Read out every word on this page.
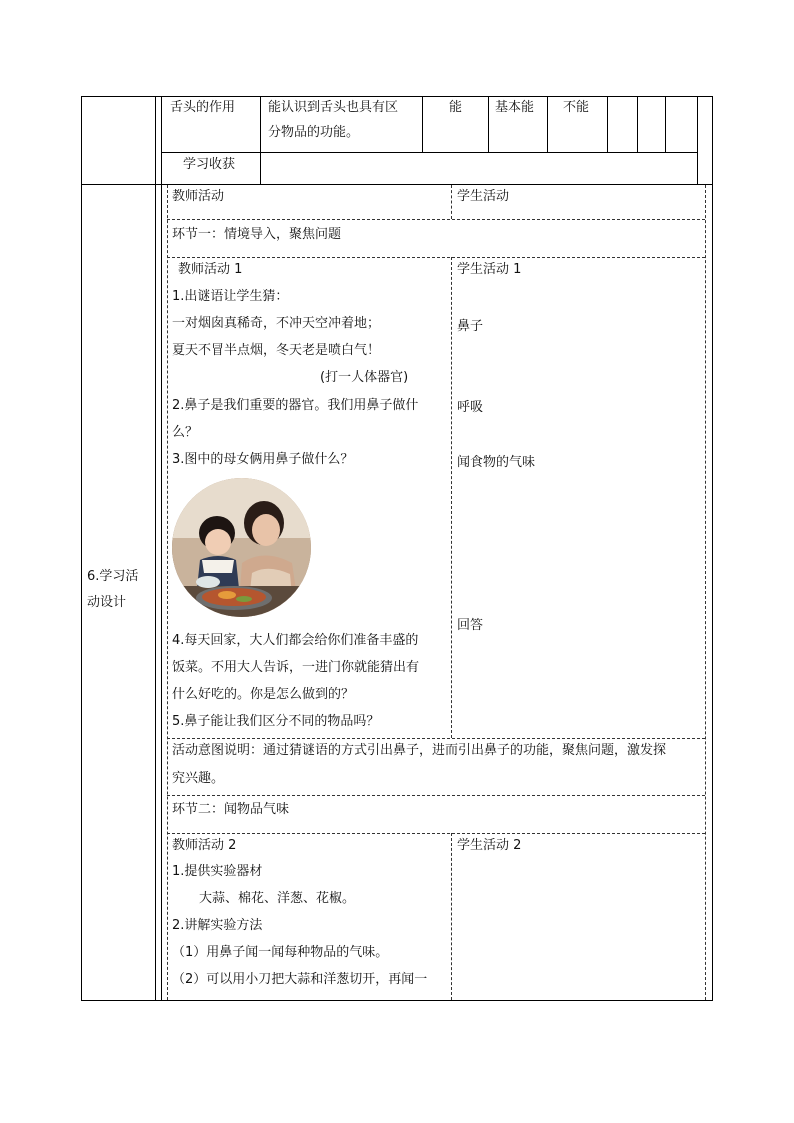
舌头的作用	能认识到舌头也具有区
分物品的功能。
能	基本能 不能
学习收获
6.学习活
动设计
教师活动	学生活动
环节一：情境导入，聚焦问题
教师活动 1
1.出谜语让学生猜：
一对烟囱真稀奇，不冲天空冲着地；
夏天不冒半点烟，冬天老是喷白气！
(打一人体器官)
2.鼻子是我们重要的器官。我们用鼻子做什
么？
3.图中的母女俩用鼻子做什么？
4.每天回家，大人们都会给你们准备丰盛的
饭菜。不用大人告诉，一进门你就能猜出有
什么好吃的。你是怎么做到的？
5.鼻子能让我们区分不同的物品吗？
学生活动 1
鼻子
呼吸
闻食物的气味
回答
活动意图说明：通过猜谜语的方式引出鼻子，进而引出鼻子的功能，聚焦问题，激发探
究兴趣。
环节二：闻物品气味
教师活动 2	学生活动 2
1.提供实验器材
大蒜、棉花、洋葱、花椒。
2.讲解实验方法
（1）用鼻子闻一闻每种物品的气味。
（2）可以用小刀把大蒜和洋葱切开，再闻一
